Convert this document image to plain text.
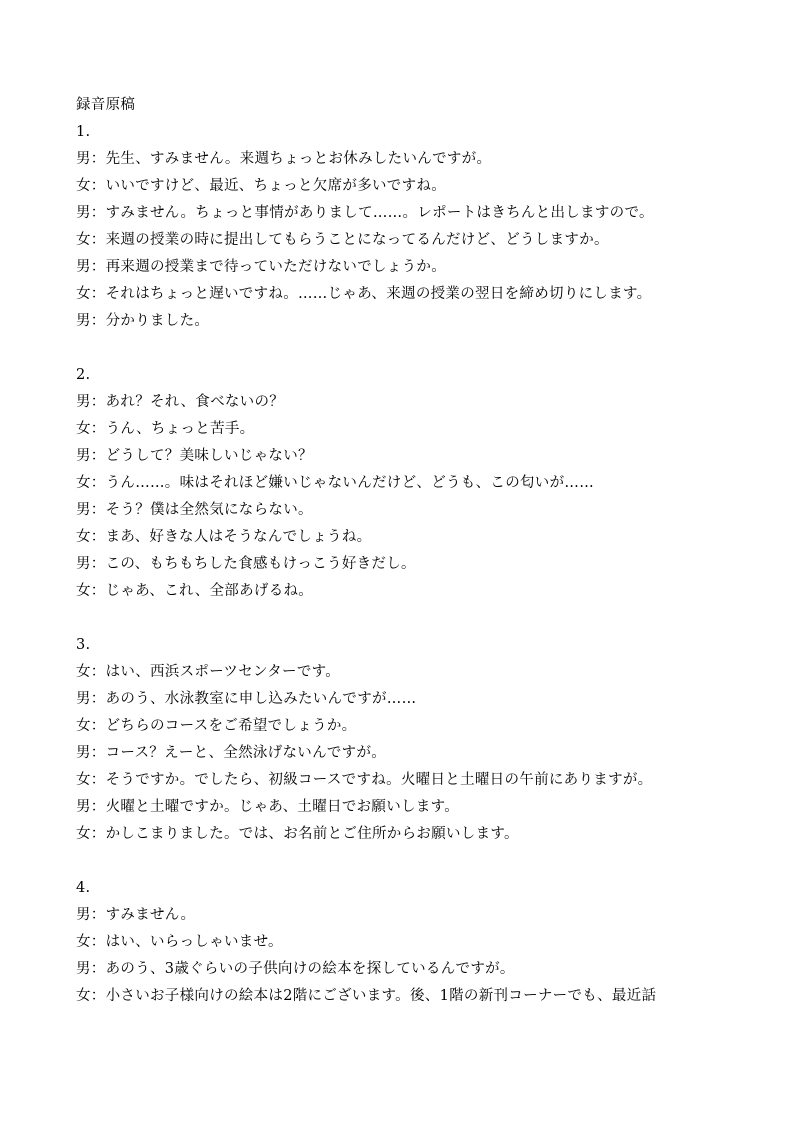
録音原稿
1.
男：先生、すみません。来週ちょっとお休みしたいんですが。
女：いいですけど、最近、ちょっと欠席が多いですね。
男：すみません。ちょっと事情がありまして……。レポートはきちんと出しますので。
女：来週の授業の時に提出してもらうことになってるんだけど、どうしますか。
男：再来週の授業まで待っていただけないでしょうか。
女：それはちょっと遅いですね。……じゃあ、来週の授業の翌日を締め切りにします。
男：分かりました。
2.
男：あれ？それ、食べないの？
女：うん、ちょっと苦手。
男：どうして？美味しいじゃない？
女：うん……。味はそれほど嫌いじゃないんだけど、どうも、この匂いが……
男：そう？僕は全然気にならない。
女：まあ、好きな人はそうなんでしょうね。
男：この、もちもちした食感もけっこう好きだし。
女：じゃあ、これ、全部あげるね。
3.
女：はい、西浜スポーツセンターです。
男：あのう、水泳教室に申し込みたいんですが……
女：どちらのコースをご希望でしょうか。
男：コース？えーと、全然泳げないんですが。
女：そうですか。でしたら、初級コースですね。火曜日と土曜日の午前にありますが。
男：火曜と土曜ですか。じゃあ、土曜日でお願いします。
女：かしこまりました。では、お名前とご住所からお願いします。
4.
男：すみません。
女：はい、いらっしゃいませ。
男：あのう、3歳ぐらいの子供向けの絵本を探しているんですが。
女：小さいお子様向けの絵本は2階にございます。後、1階の新刊コーナーでも、最近話
